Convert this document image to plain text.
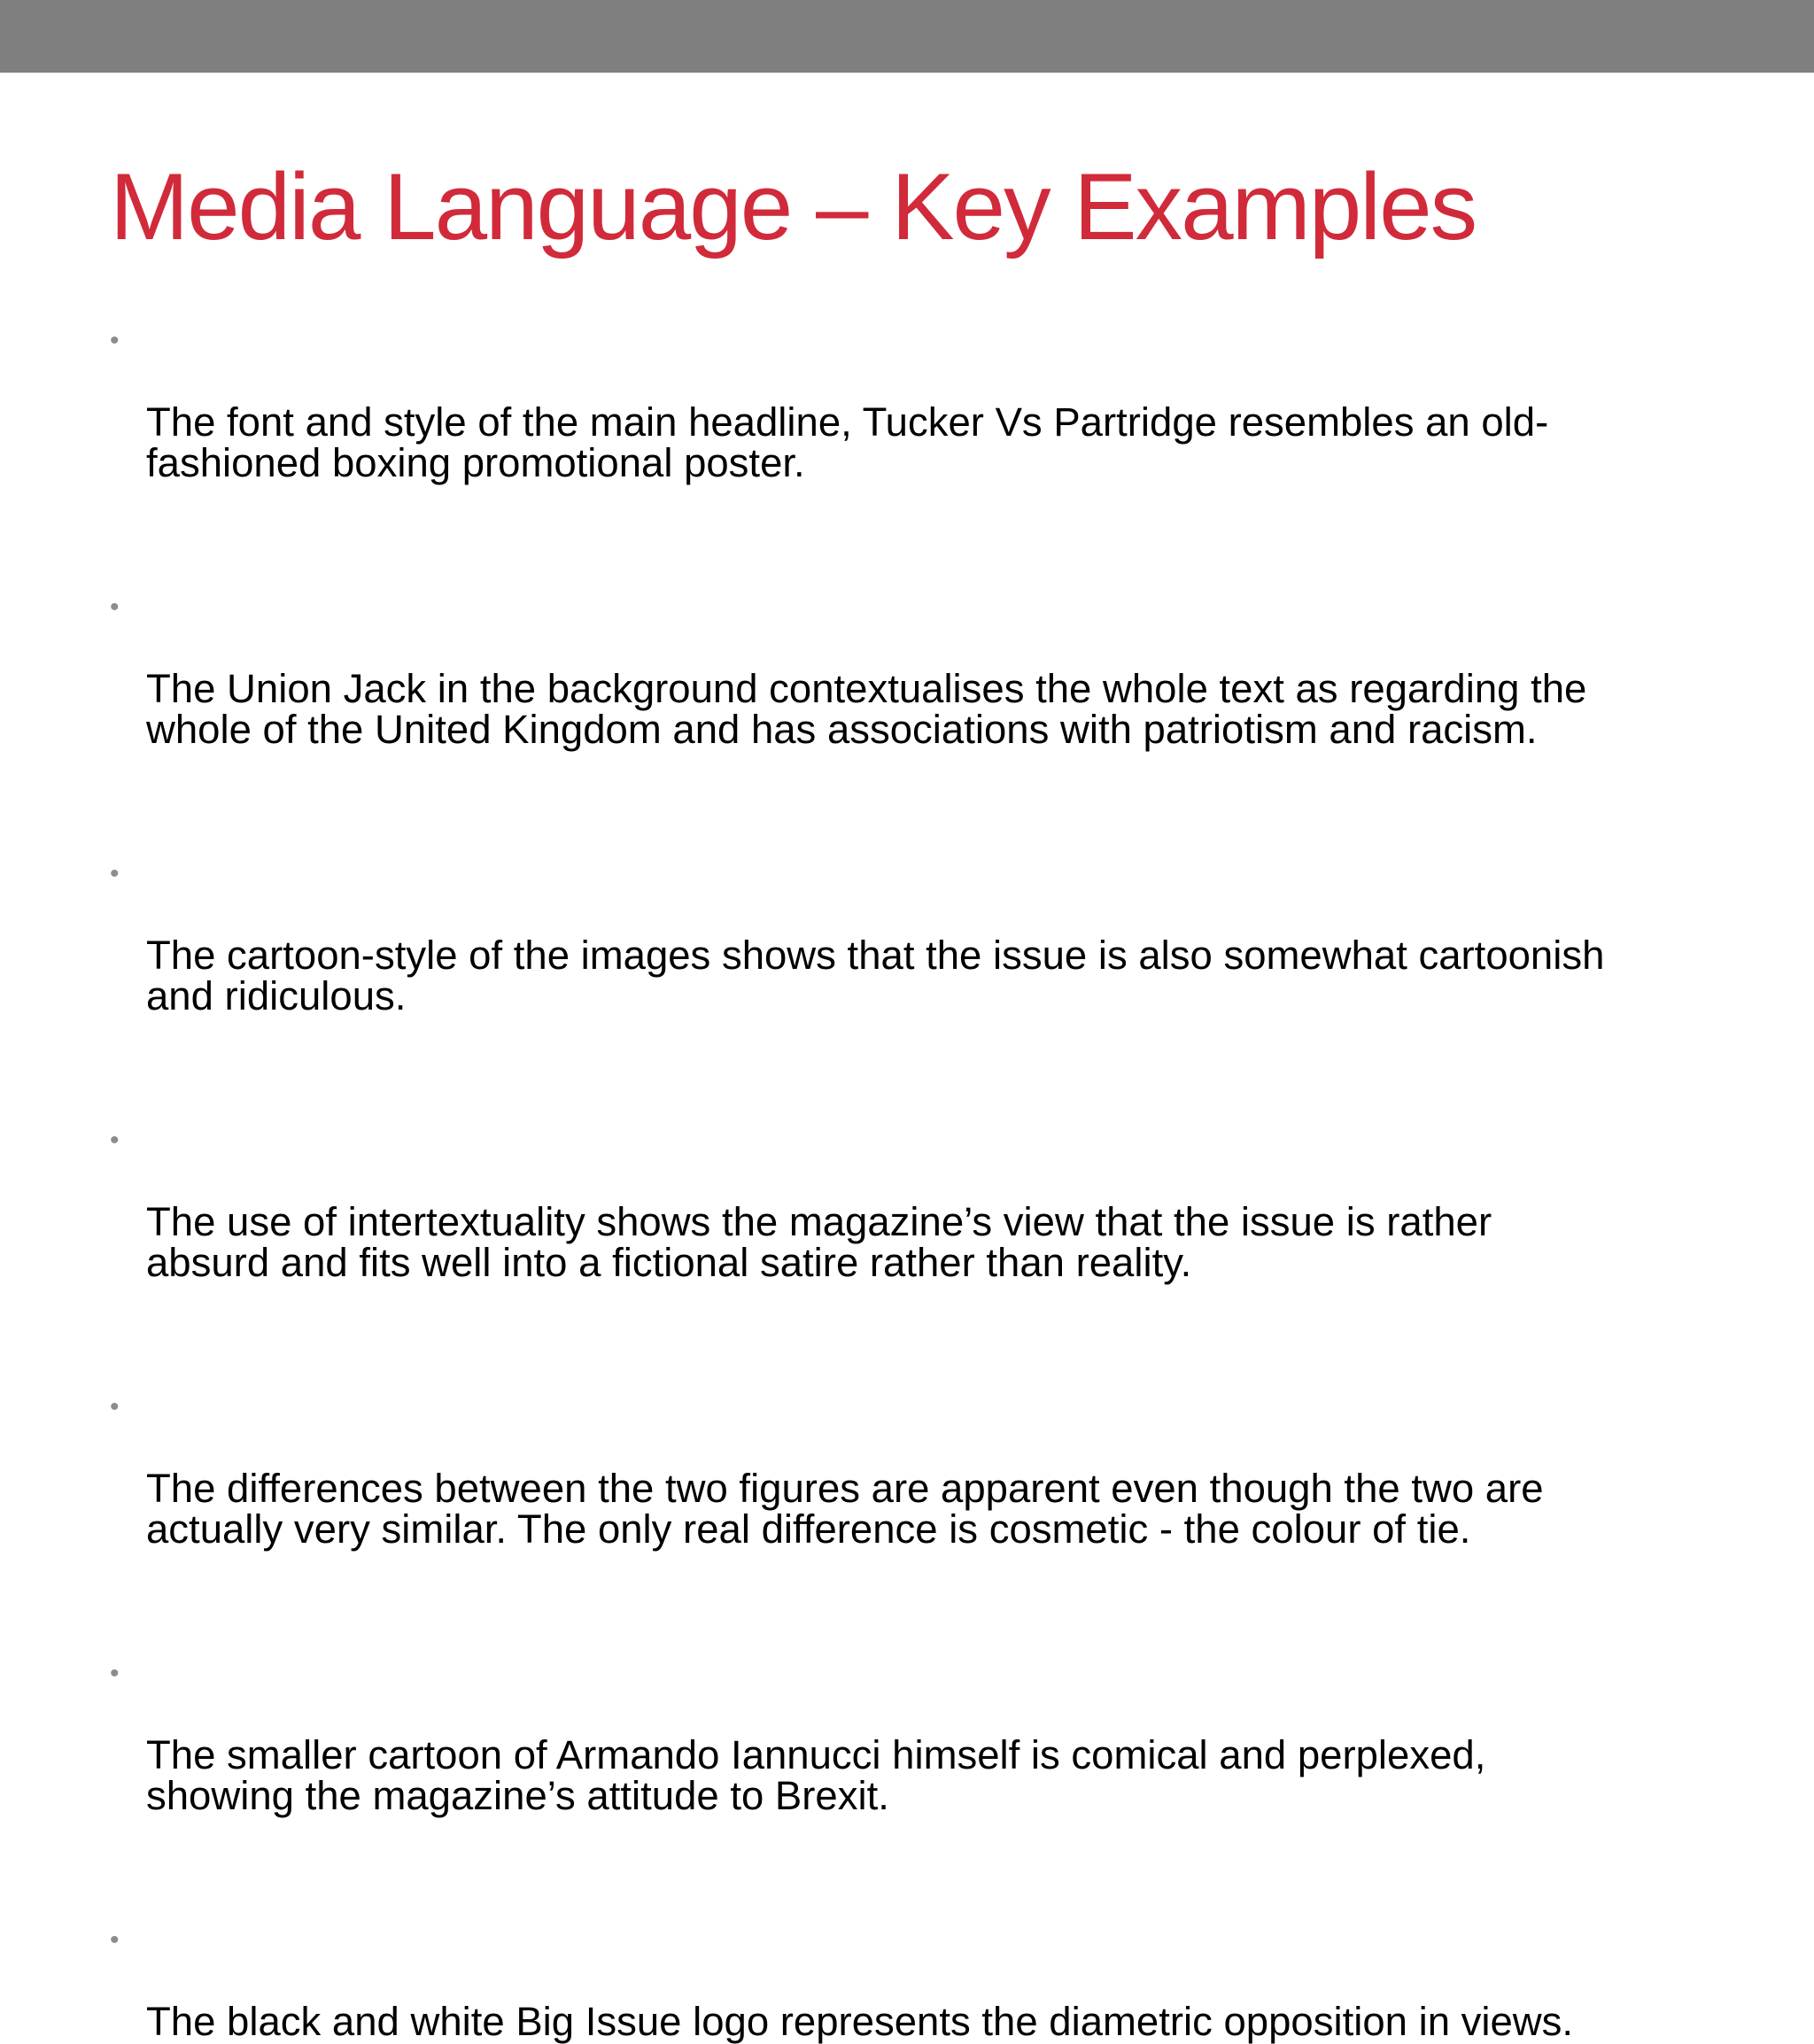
Media Language – Key Examples

•

The font and style of the main headline, Tucker Vs Partridge resembles an old-
fashioned boxing promotional poster.

•

The Union Jack in the background contextualises the whole text as regarding the
whole of the United Kingdom and has associations with patriotism and racism.

•

The cartoon-style of the images shows that the issue is also somewhat cartoonish
and ridiculous.

•

The use of intertextuality shows the magazine’s view that the issue is rather
absurd and fits well into a fictional satire rather than reality.

•

The differences between the two figures are apparent even though the two are
actually very similar. The only real difference is cosmetic - the colour of tie.

•

The smaller cartoon of Armando Iannucci himself is comical and perplexed,
showing the magazine’s attitude to Brexit.

•

The black and white Big Issue logo represents the diametric opposition in views.
